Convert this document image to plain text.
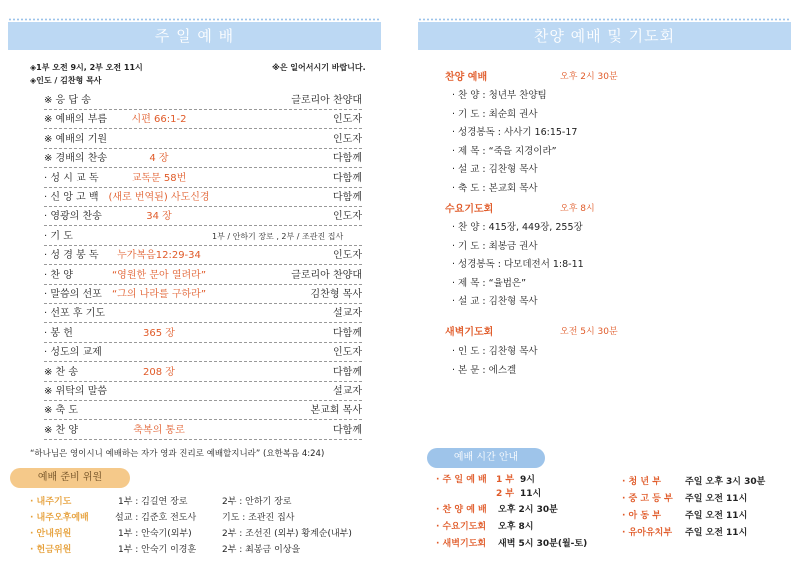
주 일 예 배
◈1부 오전 9시, 2부 오전 11시	※은 일어서시기 바랍니다.
◈인도 / 김찬형 목사
※ 응 답 송	글로리아 찬양대
※ 예배의 부름	시편 66:1-2	인도자
※ 예배의 기원	인도자
※ 경배의 찬송	4 장	다함께
· 성 시 교 독	교독문 58번	다함께
· 신 앙 고 백 (새로 번역된) 사도신경	다함께
· 영광의 찬송	34 장	인도자
· 기 도	1부 / 안하기 장로 , 2부 / 조관진 집사
· 성 경 봉 독	누가복음12:29-34	인도자
· 찬 양	“영원한 문아 열려라”	글로리아 찬양대
· 말씀의 선포	“그의 나라를 구하라”	김찬형 목사
· 선포 후 기도	설교자
· 봉 헌	365 장	다함께
· 성도의 교제	인도자
※ 찬 송	208 장	다함께
※ 위탁의 말씀	설교자
※ 축 도	본교회 목사
※ 찬 양	축복의 통로	다함께
“하나님은 영이시니 예배하는 자가 영과 진리로 예배할지니라” (요한복음 4:24)
예배 준비 위원
· 내주기도	1부 : 김길연 장로	2부 : 안하기 장로
· 내주오후예배	설교 : 김준호 전도사	기도 : 조관진 집사
· 안내위원	1부 : 안숙기(외부)	2부 : 조선진 (외부) 황계순(내부)
· 헌금위원	1부 : 안숙기 이경훈	2부 : 최봉금 이상을
찬양 예배 및 기도회
찬양 예배	오후 2시 30분
· 찬 양 : 청년부 찬양팀
· 기 도 : 최순희 권사
· 성경봉독 : 사사기 16:15-17
· 제 목 : “죽을 지경이라”
· 설 교 : 김찬형 목사
· 축 도 : 본교회 목사
수요기도회	오후 8시
· 찬 양 : 415장, 449장, 255장
· 기 도 : 최봉금 권사
· 성경봉독 : 다모데전서 1:8-11
· 제 목 : “율법은”
· 설 교 : 김찬형 목사
새벽기도회	오전 5시 30분
· 인 도 : 김찬형 목사
· 본 문 : 에스겔
예배 시간 안내
· 주 일 예 배 1 부 9시
2 부 11시
· 찬 양 예 배 오후 2시 30분
· 수요기도회 오후 8시
· 새벽기도회 새벽 5시 30분(월-토)
· 청 년 부	주일 오후 3시 30분
· 중 고 등 부 주일 오전 11시
· 아 동 부	주일 오전 11시
· 유아유치부 주일 오전 11시
